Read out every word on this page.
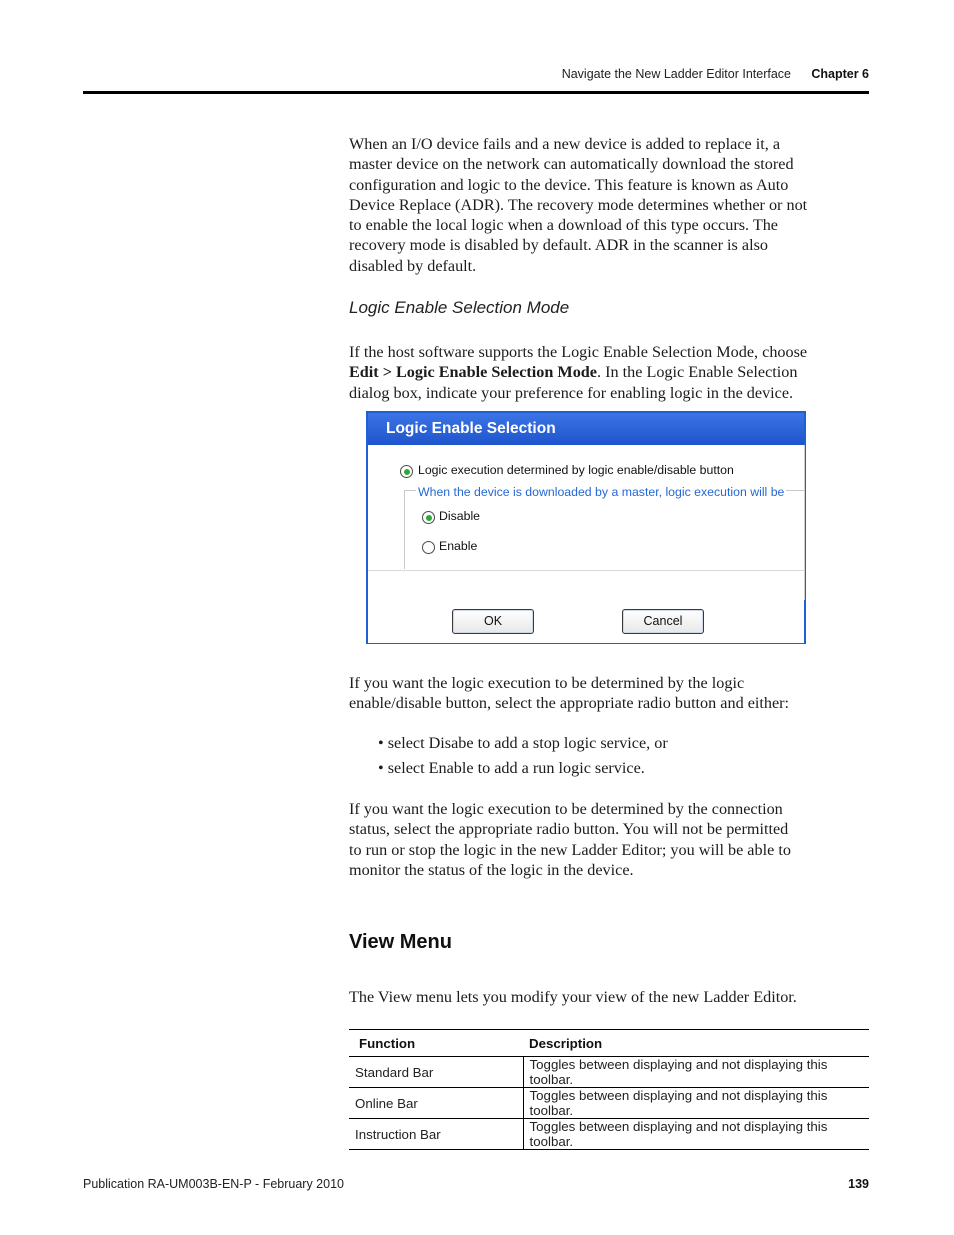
Navigate the New Ladder Editor Interface Chapter 6
When an I/O device fails and a new device is added to replace it, a
master device on the network can automatically download the stored
configuration and logic to the device. This feature is known as Auto
Device Replace (ADR). The recovery mode determines whether or not
to enable the local logic when a download of this type occurs. The
recovery mode is disabled by default. ADR in the scanner is also
disabled by default.
Logic Enable Selection Mode
If the host software supports the Logic Enable Selection Mode, choose
Edit > Logic Enable Selection Mode. In the Logic Enable Selection
dialog box, indicate your preference for enabling logic in the device.
Logic Enable Selection
Logic execution determined by logic enable/disable button
When the device is downloaded by a master, logic execution will be
Disable
Enable
OK	Cancel
If you want the logic execution to be determined by the logic
enable/disable button, select the appropriate radio button and either:
• select Disabe to add a stop logic service, or
• select Enable to add a run logic service.
If you want the logic execution to be determined by the connection
status, select the appropriate radio button. You will not be permitted
to run or stop the logic in the new Ladder Editor; you will be able to
monitor the status of the logic in the device.
View Menu
The View menu lets you modify your view of the new Ladder Editor.
Function	Description
Standard Bar	Toggles between displaying and not displaying this toolbar.
Online Bar	Toggles between displaying and not displaying this toolbar.
Instruction Bar	Toggles between displaying and not displaying this toolbar.
Publication RA-UM003B-EN-P - February 2010	139
